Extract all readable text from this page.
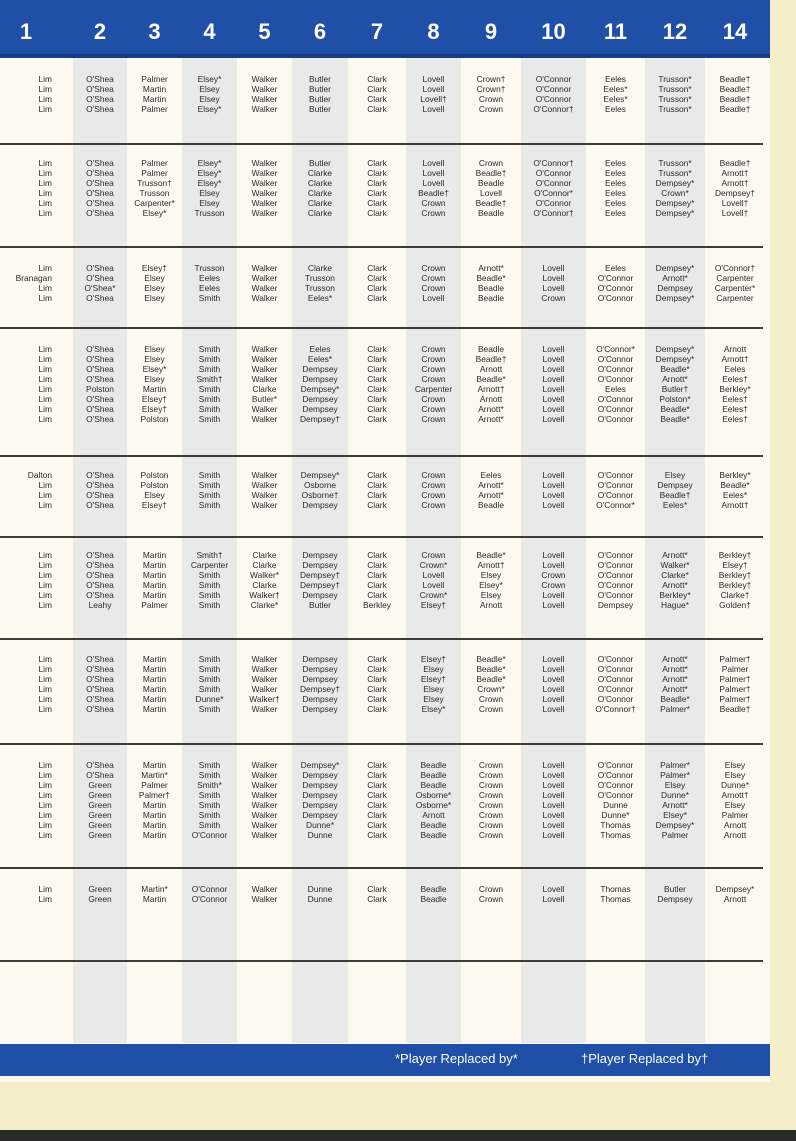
1	2	3	4	5	6	7	8	9	10	11	12	14
Lim	O'Shea	Palmer	Elsey*	Walker	Butler	Clark	Lovell	Crown†	O'Connor	Eeles	Trusson*	Beadle†
Lim	O'Shea	Martin	Elsey	Walker	Butler	Clark	Lovell	Crown†	O'Connor	Eeles*	Trusson*	Beadle†
Lim	O'Shea	Martin	Elsey	Walker	Butler	Clark	Lovell†	Crown	O'Connor	Eeles*	Trusson*	Beadle†
Lim	O'Shea	Palmer	Elsey*	Walker	Butler	Clark	Lovell	Crown	O'Connor†	Eeles	Trusson*	Beadle†
Lim	O'Shea	Palmer	Elsey*	Walker	Butler	Clark	Lovell	Crown	O'Connor†	Eeles	Trusson*	Beadle†
Lim	O'Shea	Palmer	Elsey*	Walker	Clarke	Clark	Lovell	Beadle†	O'Connor	Eeles	Trusson*	Arnott†
Lim	O'Shea	Trusson†	Elsey*	Walker	Clarke	Clark	Lovell	Beadle	O'Connor	Eeles	Dempsey*	Arnott†
Lim	O'Shea	Trusson	Elsey	Walker	Clarke	Clark	Beadle†	Lovell	O'Connor*	Eeles	Crown*	Dempsey†
Lim	O'Shea	Carpenter*	Elsey	Walker	Clarke	Clark	Crown	Beadle†	O'Connor	Eeles	Dempsey*	Lovell†
Lim	O'Shea	Elsey*	Trusson	Walker	Clarke	Clark	Crown	Beadle	O'Connor†	Eeles	Dempsey*	Lovell†
Lim	O'Shea	Elsey†	Trusson	Walker	Clarke	Clark	Crown	Arnott*	Lovell	Eeles	Dempsey*	O'Connor†
Branagan	O'Shea	Elsey	Eeles	Walker	Trusson	Clark	Crown	Beadle*	Lovell	O'Connor	Arnott*	Carpenter
Lim	O'Shea*	Elsey	Eeles	Walker	Trusson	Clark	Crown	Beadle	Lovell	O'Connor	Dempsey	Carpenter*
Lim	O'Shea	Elsey	Smith	Walker	Eeles*	Clark	Lovell	Beadle	Crown	O'Connor	Dempsey*	Carpenter
Lim	O'Shea	Elsey	Smith	Walker	Eeles	Clark	Crown	Beadle	Lovell	O'Connor*	Dempsey*	Arnott
Lim	O'Shea	Elsey	Smith	Walker	Eeles*	Clark	Crown	Beadle†	Lovell	O'Connor	Dempsey*	Arnott†
Lim	O'Shea	Elsey*	Smith	Walker	Dempsey	Clark	Crown	Arnott	Lovell	O'Connor	Beadle*	Eeles
Lim	O'Shea	Elsey	Smith†	Walker	Dempsey	Clark	Crown	Beadle*	Lovell	O'Connor	Arnott*	Eeles†
Lim	Polston	Martin	Smith	Clarke	Dempsey*	Clark	Carpenter	Arnott†	Lovell	Eeles	Butler†	Berkley*
Lim	O'Shea	Elsey†	Smith	Butler*	Dempsey	Clark	Crown	Arnott	Lovell	O'Connor	Polston*	Eeles†
Lim	O'Shea	Elsey†	Smith	Walker	Dempsey	Clark	Crown	Arnott*	Lovell	O'Connor	Beadle*	Eeles†
Lim	O'Shea	Polston	Smith	Walker	Dempsey†	Clark	Crown	Arnott*	Lovell	O'Connor	Beadle*	Eeles†
Dalton	O'Shea	Polston	Smith	Walker	Dempsey*	Clark	Crown	Eeles	Lovell	O'Connor	Elsey	Berkley*
Lim	O'Shea	Polston	Smith	Walker	Osborne	Clark	Crown	Arnott*	Lovell	O'Connor	Dempsey	Beadle*
Lim	O'Shea	Elsey	Smith	Walker	Osborne†	Clark	Crown	Arnott*	Lovell	O'Connor	Beadle†	Eeles*
Lim	O'Shea	Elsey†	Smith	Walker	Dempsey	Clark	Crown	Beadle	Lovell	O'Connor*	Eeles*	Arnott†
Lim	O'Shea	Martin	Smith†	Clarke	Dempsey	Clark	Crown	Beadle*	Lovell	O'Connor	Arnott*	Berkley†
Lim	O'Shea	Martin	Carpenter	Clarke	Dempsey	Clark	Crown*	Arnott†	Lovell	O'Connor	Walker*	Elsey†
Lim	O'Shea	Martin	Smith	Walker*	Dempsey†	Clark	Lovell	Elsey	Crown	O'Connor	Clarke*	Berkley†
Lim	O'Shea	Martin	Smith	Clarke	Dempsey†	Clark	Lovell	Elsey*	Crown	O'Connor	Arnott*	Berkley†
Lim	O'Shea	Martin	Smith	Walker†	Dempsey	Clark	Crown*	Elsey	Lovell	O'Connor	Berkley*	Clarke†
Lim	Leahy	Palmer	Smith	Clarke*	Butler	Berkley	Elsey†	Arnott	Lovell	Dempsey	Hague*	Golden†
Lim	O'Shea	Martin	Smith	Walker	Dempsey	Clark	Elsey†	Beadle*	Lovell	O'Connor	Arnott*	Palmer†
Lim	O'Shea	Martin	Smith	Walker	Dempsey	Clark	Elsey	Beadle*	Lovell	O'Connor	Arnott*	Palmer
Lim	O'Shea	Martin	Smith	Walker	Dempsey	Clark	Elsey†	Beadle*	Lovell	O'Connor	Arnott*	Palmer†
Lim	O'Shea	Martin	Smith	Walker	Dempsey†	Clark	Elsey	Crown*	Lovell	O'Connor	Arnott*	Palmer†
Lim	O'Shea	Martin	Dunne*	Walker†	Dempsey	Clark	Elsey	Crown	Lovell	O'Connor	Beadle*	Palmer†
Lim	O'Shea	Martin	Smith	Walker	Dempsey	Clark	Elsey*	Crown	Lovell	O'Connor†	Palmer*	Beadle†
Lim	O'Shea	Martin	Smith	Walker	Dempsey*	Clark	Beadle	Crown	Lovell	O'Connor	Palmer*	Elsey
Lim	O'Shea	Martin*	Smith	Walker	Dempsey	Clark	Beadle	Crown	Lovell	O'Connor	Palmer*	Elsey
Lim	Green	Palmer	Smith*	Walker	Dempsey	Clark	Beadle	Crown	Lovell	O'Connor	Elsey	Dunne*
Lim	Green	Palmer†	Smith	Walker	Dempsey	Clark	Osborne*	Crown	Lovell	O'Connor	Dunne*	Arnott†
Lim	Green	Martin	Smith	Walker	Dempsey	Clark	Osborne*	Crown	Lovell	Dunne	Arnott*	Elsey
Lim	Green	Martin	Smith	Walker	Dempsey	Clark	Arnott	Crown	Lovell	Dunne*	Elsey*	Palmer
Lim	Green	Martin	Smith	Walker	Dunne*	Clark	Beadle	Crown	Lovell	Thomas	Dempsey*	Arnott
Lim	Green	Martin	O'Connor	Walker	Dunne	Clark	Beadle	Crown	Lovell	Thomas	Palmer	Arnott
Lim	Green	Martin*	O'Connor	Walker	Dunne	Clark	Beadle	Crown	Lovell	Thomas	Butler	Dempsey*
Lim	Green	Martin	O'Connor	Walker	Dunne	Clark	Beadle	Crown	Lovell	Thomas	Dempsey	Arnott
*Player Replaced by*	†Player Replaced by†
